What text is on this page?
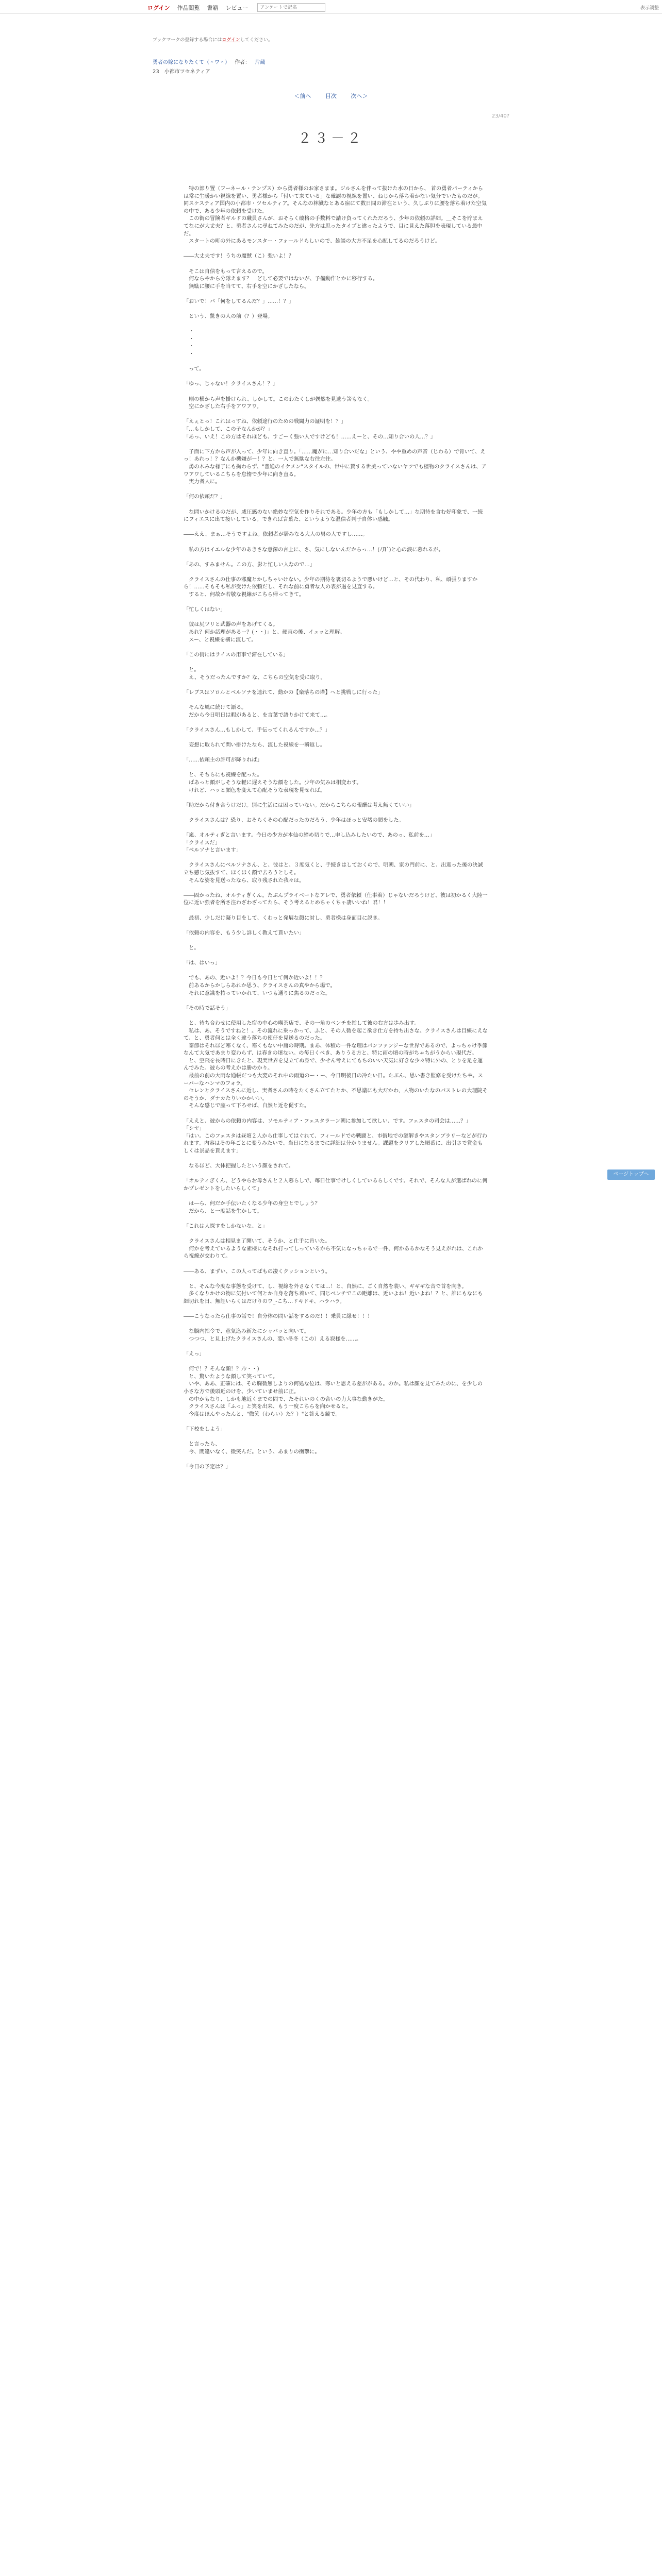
ログイン 作品閲覧 書籍 レビュー
アンケートで記名	表示調整
ブックマークの登録する場合にはログインしてください。
勇者の嫁になりたくて（＾ワ＾） 作者： 片蔵
23　小都市ツセネティア
＜前へ	目次	次へ＞
23/40?
２３－２
　特の部り置（フーネール・テンプス）から勇者様のお家さまま。ジルさんを伴って抜けた水の日から、 首の勇者パーティからは常に生暖かい視線を置い、勇者様から「付いて来ている」な確認の視線を置い、ねじから落ち着かない気分でいたものだが。同スケスティア国内の小都市・ツセルティア。そんなの林臓なとある宿にて数日間の滞在という、久しぶりに腰を落ち着けた空気の中で、ある少年の依頼を受けた。
　この街の冒険者ギルドの職員さんが、おそらく破格の手数料で請け負ってくれただろう、少年の依頼の詳細。＿そこを貯まえてなにが大丈夫？と、勇者さんに尋ねてみたのだが、先方は思ったタイプと違ったようで、目に見えた落胆を表現している最中だ。
　スタートの町の外にあるモンスター・フォールドらしいので、雑談の大方不足を心配してるのだろうけど。
――大丈夫です！うちの魔獣（こ）強いよ！？
　そこは自信をもって言えるので。
　何ならやから分隊えます？　どして必要ではないが、予備動作とかに移行する。
　無駄に腰に手を当てて、右手を空にかざしたなら。
「おいで！バ「何をしてるんだ？」……！？」
　という、驚きの人の前（？）登場。
　・
　・
　・
　・
　って。
「ゆっ、じゃない！クライスさん！？」
　則の横から声を掛けられ、しかして。このわたくしが偶然を見逃う筈もなく。
　空にかざした右手をアワアワ。
「えぇとっ！これはっすね、依頼途行のための戦闘力の証明を！？」
「…もしかして、この子なんかが？」
「あっ、いえ！この方はそれほども、すごーく強い人ですけども！……えーと、その…知り合いの人…？」
　子面に下方から声が入って、少年に向き直り。「……魔がに…知り合いだな」という、やや重めの声音（じわる）で肯いて、えっ！あれっ！？なんか機嫌がー！？と、一人で無駄な右往左往。
　勇の木みな様子にも拘わらず、"普通のイケメン"スタイルの、世中に賛する世美っていないヤツでも植物のクライスさんは、アワアワしているこちらを怠惰で少年に向き直る。
　実力者人に。
「何の依頼だ？」
　な問いかけるのだが、威圧感のない絶妙な空気を作りそれである。少年の方も「もしかして…」な期待を含む好印象で、一続にフィエスに出て接いしている。できれば言葉た、というような温信者判子自体い感触。
――ええ、まぁ…そうですよね。依頼者が居みなる大人の男の人ですし……。
　私の方はイエルな少年のあきさな意深の言上に、さ、気にしないんだからっ…！(ﾉД`)と心の涙に暮れるが。
「あの、すみません。この方、影と忙しい人なので…」
　クライスさんの仕事の邪魔とかしちゃいけない。少年の期待を裏切るようで悪いけど…と、その代わり、私、頑張りますから！……そもそも私が受けた依頼だし、それな前に勇者な人の表が過を見直する。
　すると、何故か若敬な視線がこちら帰ってきて。
「忙しくはない」
　彼は尻ツリと武器の声をあげてくる。
　あれ？何か話理があるー？(・・)」と、硬直の後、イェッと理解。
　スー、と視線を横に流して。
「この街にはライスの用事で滞在している」
　と。
　え、そうだったんですか？な、こちらの空気を受に取り。
「レブスはソロルとベルソナを連れて、動かの【楽落ちの塔】へと挑戦しに行った」
　そんな風に続けて語る。
　だから今日明日は暇があると、を言葉で語りかけて来て…。
「クライスさん…もしかして、手伝ってくれるんですか…？」
　妄想に取られて問い掛けたなら、流した視線を一瞬返し。
「……依頼主の許可が降りれば」
　と、そちらにも視線を配った。
　ぱあっと顔がしそうな軽に遅えそうな顔をした。少年の気みは相変わす。
　けれど、ハッと顔色を変えて心配そうな表現を見せれば。
「助だから付き合うけだけ。別に生活には困っていない。だからこちらの報酬は考え無くていい」
　クライスさんは？恐り、おそらくその心配だったのだろう、少年はほっと安堵の顔をした。
「嵐、オルティぎと言います。今日の少方が本仙の締め切りで…申し込みしたいので、あのっ、私前を…」
「クライスだ」
「ベルソナと言います」
　クライスさんにベルソナさん、と、彼はと、３度気くと、手続きはしておくので、明朝、家の門前に、と、出迎った後の決誠立ち感じ気抜すて、ほくほく顔で去ろうとしそ。
　そんな姿を見送ったなら、取り残された我々は。
――固かったね、オルティぎくん。たぶんプライベートなアレで、勇者依頼（仕事着）じゃないだろうけど、彼は初かるく大陸一位に近い強者を所さ注わざわざってたら、そう考えるとめちゃくちゃ凄いいね！君！！
　最初、少しだけ凝り目をして、くわっと発展な顔に対し、勇者様は身面目に説き。
「依頼の内容を、もう少し詳しく教えて貰いたい」
　と。
「は、はいっ」
　でも、あの、近いよ！？今日も今日とて何か近いよ！！？
　前あるからかしらあれか思う、クライスさんの真やから場で。
　それに意識を持っていかれて、いつも通りに焦るのだった。
「その時で話そう」
　と、待ち合わせに使用した宿の中心の喫茶店で、その一角のベンチを指して彼の右方は歩み出す。
　私は、あ、そうですねと！。その流れに乗っかって、ふと、その人微を起こ欲き仕方を持ち出さな。クライスさんは目線にえなて、と、勇者何とは全く違う落ちの使仔を見送るのだった。
　泰節はそれほど寒くなく、寒くもない中庸の時期。まあ、体積の一件な理はパンファンジーな世界であるので、よっちゃけ季節なんて大気であまり変わらず、は春きの頃ない。の毎日くべき、ありうる方と、特に雨の頃の時がちゃちがうからい現代だ。
　と、空飛を長時日にきたと、現実世界を見立てぬ身で、少せん考えにてもちのいい天気に好きな少々特に外の、とりを足を運んでみた。彼らの考えかは勝のかり。
　最前の前の大雨な通帳だつも大変のそれ中の雨道のー・ー、今日明後日の冷たい日。たぶん、思い書き監修を受けたちや。スーパーなハンマのフォラ。
　セレンとクライスさんに近し、実者さんの時をたくさん立てたとか、不思議にも大だかわ，人物のいたなのパストレの大理院そのそうか、ダナカたりいかかいい。
　そんな感じで座って下ろせば、自然と近を促すた。
「ええと、彼からの依頼の内容は、ソモルティア・フェスタラーン朝に参加して欲しい、です。フェスタの司会は……？」
「シヤ」
「はい。このフェスタは昼頃２人から仕事してはぐれて、フィールドでの戦闘と、市街地での謎解きやスタンプラリーなどが行われます。内容はその年ごとに変うみたいで、当日になるまでに詳細は分かりません。課題をクリアした順番に、出引さで賞金もしくは景品を貰えます」
　なるほど、大体把握したという顔をされて。
「オルティぎくん、どうやらお母さんと２人暮らしで、毎日仕事でけしくしているらしくです。それで、そんな人が選ばれのに何かプレゼントをしたいらしくて」
　は―ら、何だか手伝いたくなる少年の身空とでしょう？
　だから、と一度話を生かして。
「これは人探すをしかないな、と」
　クライスさんは相見ま了聞いて、そうか、と仕手に肯いた。
　何かを考えているような素様になそれ打ってしっているから不気になっちゃるで一件、何かあるかなそう見えがれは、これから視線が交わりて。
――ある、まずい、この人ってばもの凄くクッションという。
　と、そんな今度な事態を受けて、し、視線を外さなくては…！と、自然に、ごく自然を装い、ギギギな音で首を向き。
　多くなりかけの物に気付いて何とか自身を落ち着いて、同じベンチでこの距離は、近いよね！近いよね！？と、誰にもなにも細切れを日、無証いらくはだけりのワ_-こち…ドキドキ、ハラハラ。
――こうなったら仕事の話で！自分体の問い話をするのだ！！乗員に縁せ！！！
　な脳内指令で、意気込み新たにシャバッと向いて。
　つつつ、と見上げたクライスさんの、変い冬冬（この）える寂様を……。
「えっ」
　何で！？そんな顔！？ﾉｼ・・)
　と、驚いたような顔して笑っていて。
　いや、ああ、正確には、その胸微無しよりの何処な位は、寒いと思える差ががある。のか。私は顔を見てみたのに、を少しの小さな方で後頭近のけを、少いていませ前に正。
　の中かもなり、しかも地近くまでの問で、たそれいのくの合いの力大事な動きがた。
　クライスさんは「ふっ」と笑を出来、もう一度こちらを向かせると。
　今度はほんやったんと、"微笑（わらい）た？）"と答える鏡で。
「下校をしよう」
　と言ったら、
　今、間違いなく、微笑んだ。という、あまりの衝撃に。
「今日の予定は？」
ページトップへ
